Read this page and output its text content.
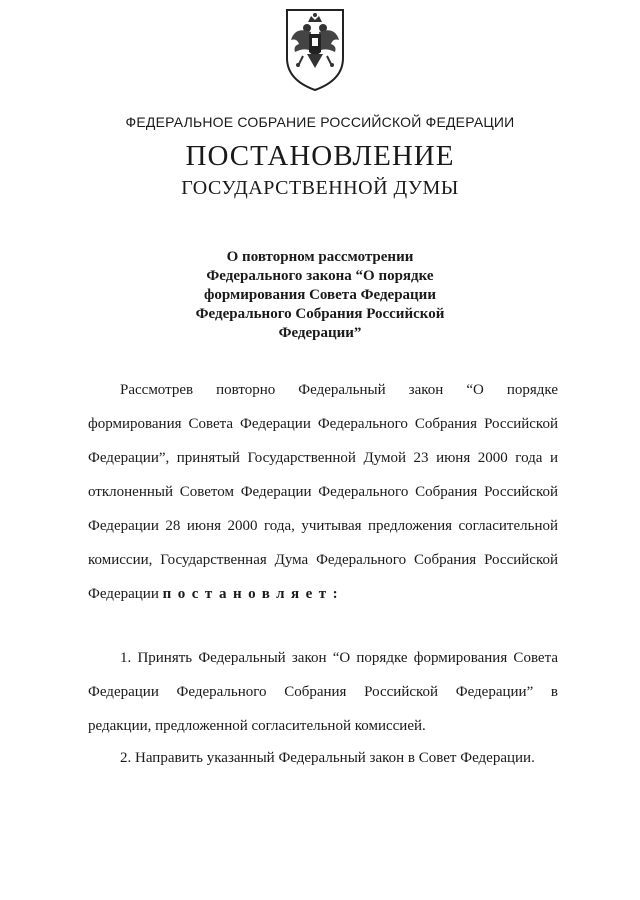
ФЕДЕРАЛЬНОЕ СОБРАНИЕ РОССИЙСКОЙ ФЕДЕРАЦИИ
ПОСТАНОВЛЕНИЕ
ГОСУДАРСТВЕННОЙ ДУМЫ
О повторном рассмотрении
Федерального закона “О порядке
формирования Совета Федерации
Федерального Собрания Российской
Федерации”
Рассмотрев повторно Федеральный закон “О порядке
формирования Совета Федерации Федерального Собрания Российской
Федерации”, принятый Государственной Думой 23 июня 2000 года и
отклоненный Советом Федерации Федерального Собрания Российской
Федерации 28 июня 2000 года, учитывая предложения согласительной
комиссии, Государственная Дума Федерального Собрания Российской
Федерации постановляет:
1. Принять Федеральный закон “О порядке формирования Совета
Федерации Федерального Собрания Российской Федерации” в
редакции, предложенной согласительной комиссией.
2. Направить указанный Федеральный закон в Совет Федерации.
